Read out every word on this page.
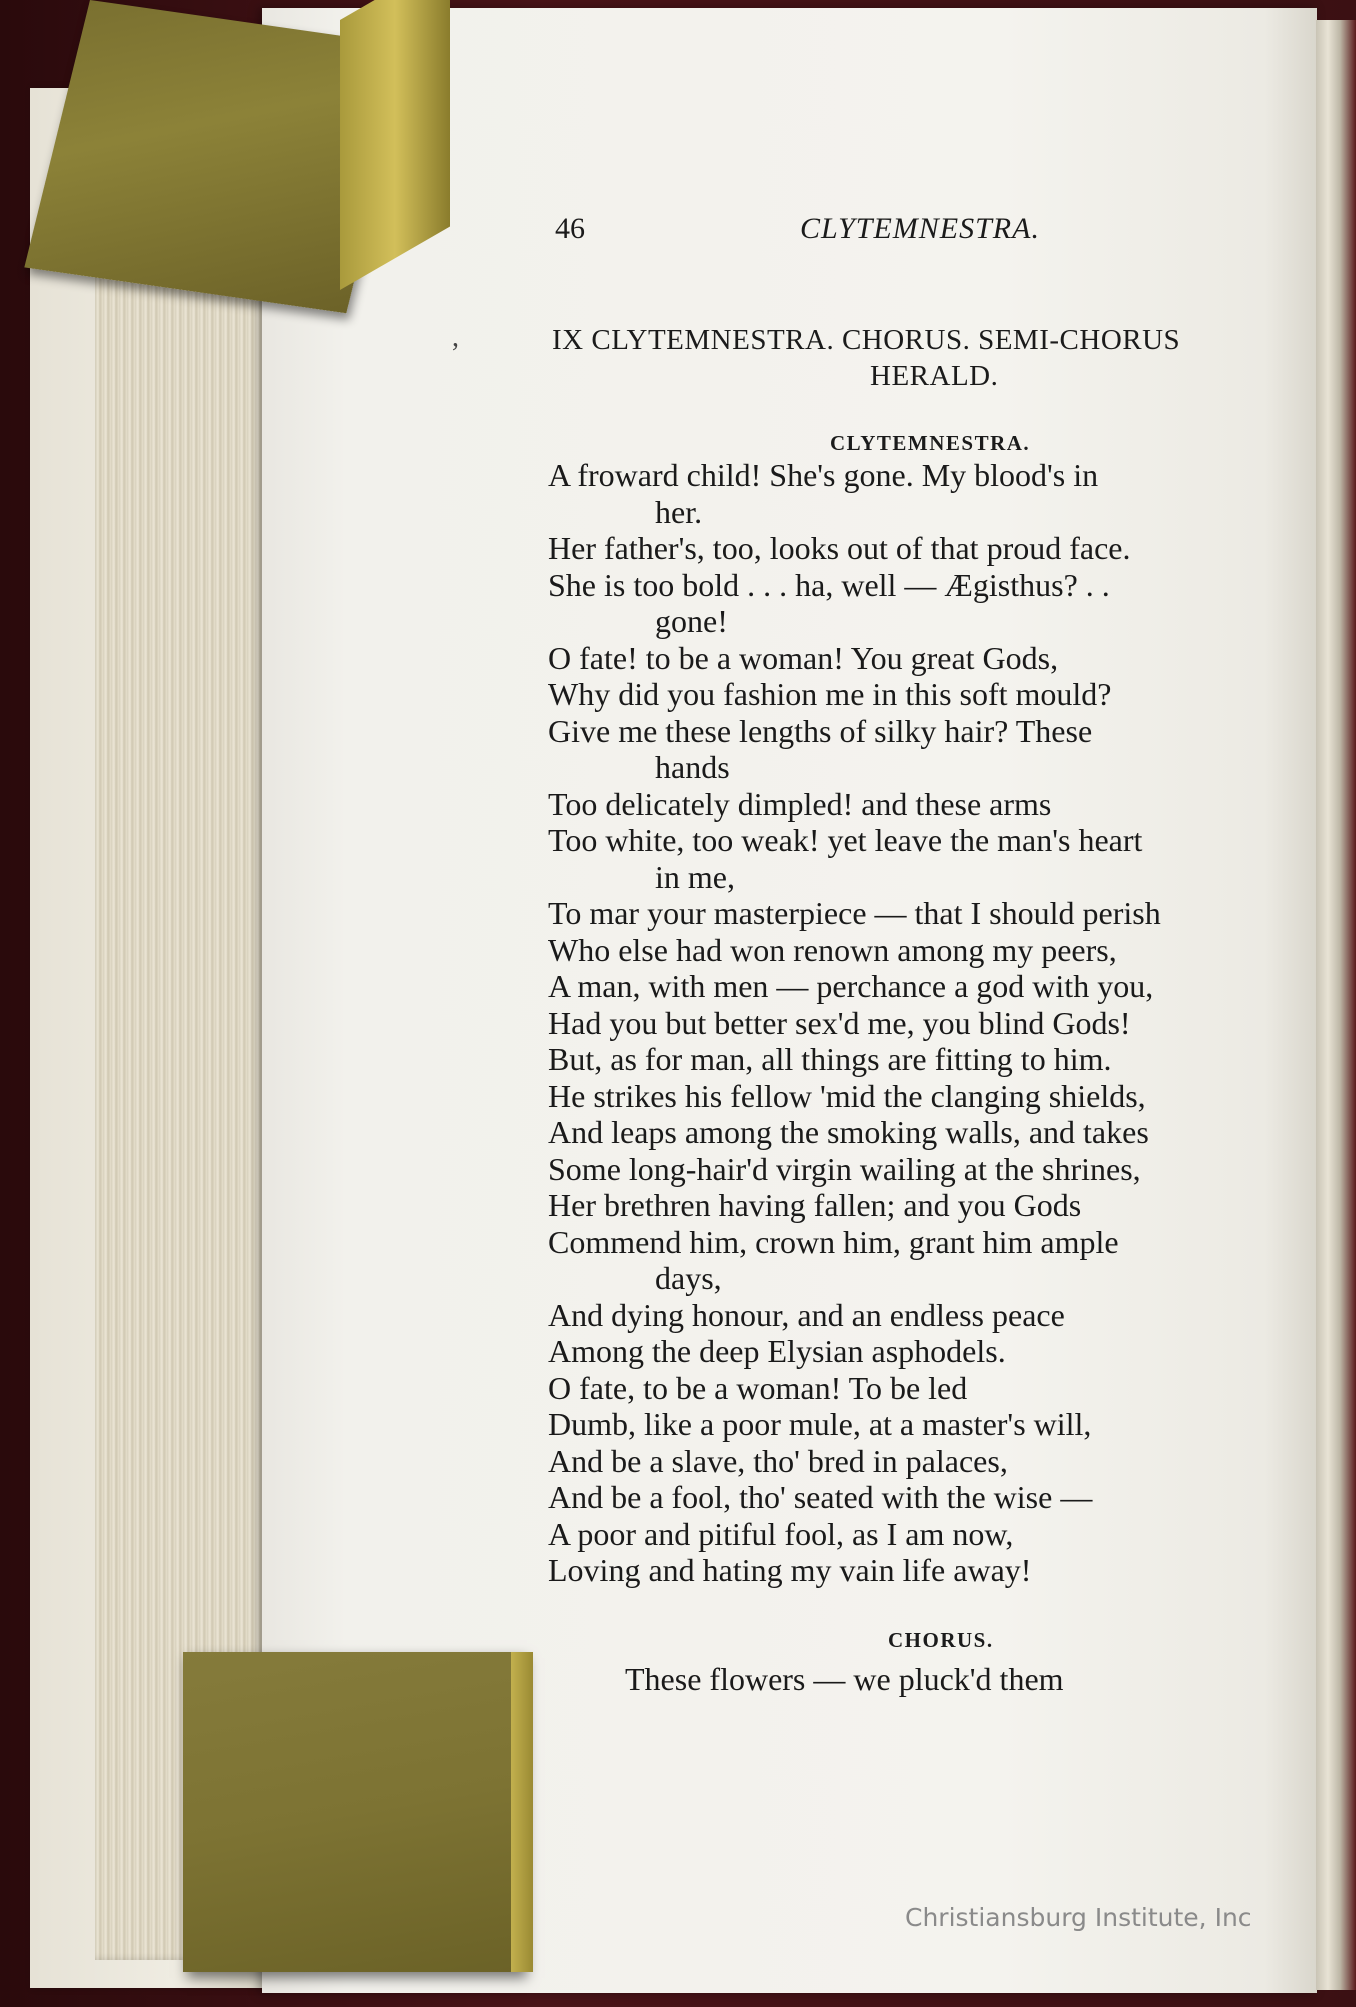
,
46	CLYTEMNESTRA.
IX CLYTEMNESTRA. CHORUS. SEMI-CHORUS
HERALD.
CLYTEMNESTRA.
A froward child! She's gone. My blood's in
her.
Her father's, too, looks out of that proud face.
She is too bold . . . ha, well — Ægisthus? . .
gone!
O fate! to be a woman! You great Gods,
Why did you fashion me in this soft mould?
Give me these lengths of silky hair? These
hands
Too delicately dimpled! and these arms
Too white, too weak! yet leave the man's heart
in me,
To mar your masterpiece — that I should perish
Who else had won renown among my peers,
A man, with men — perchance a god with you,
Had you but better sex'd me, you blind Gods!
But, as for man, all things are fitting to him.
He strikes his fellow 'mid the clanging shields,
And leaps among the smoking walls, and takes
Some long-hair'd virgin wailing at the shrines,
Her brethren having fallen; and you Gods
Commend him, crown him, grant him ample
days,
And dying honour, and an endless peace
Among the deep Elysian asphodels.
O fate, to be a woman! To be led
Dumb, like a poor mule, at a master's will,
And be a slave, tho' bred in palaces,
And be a fool, tho' seated with the wise —
A poor and pitiful fool, as I am now,
Loving and hating my vain life away!
CHORUS.
These flowers — we pluck'd them
Christiansburg Institute, Inc
